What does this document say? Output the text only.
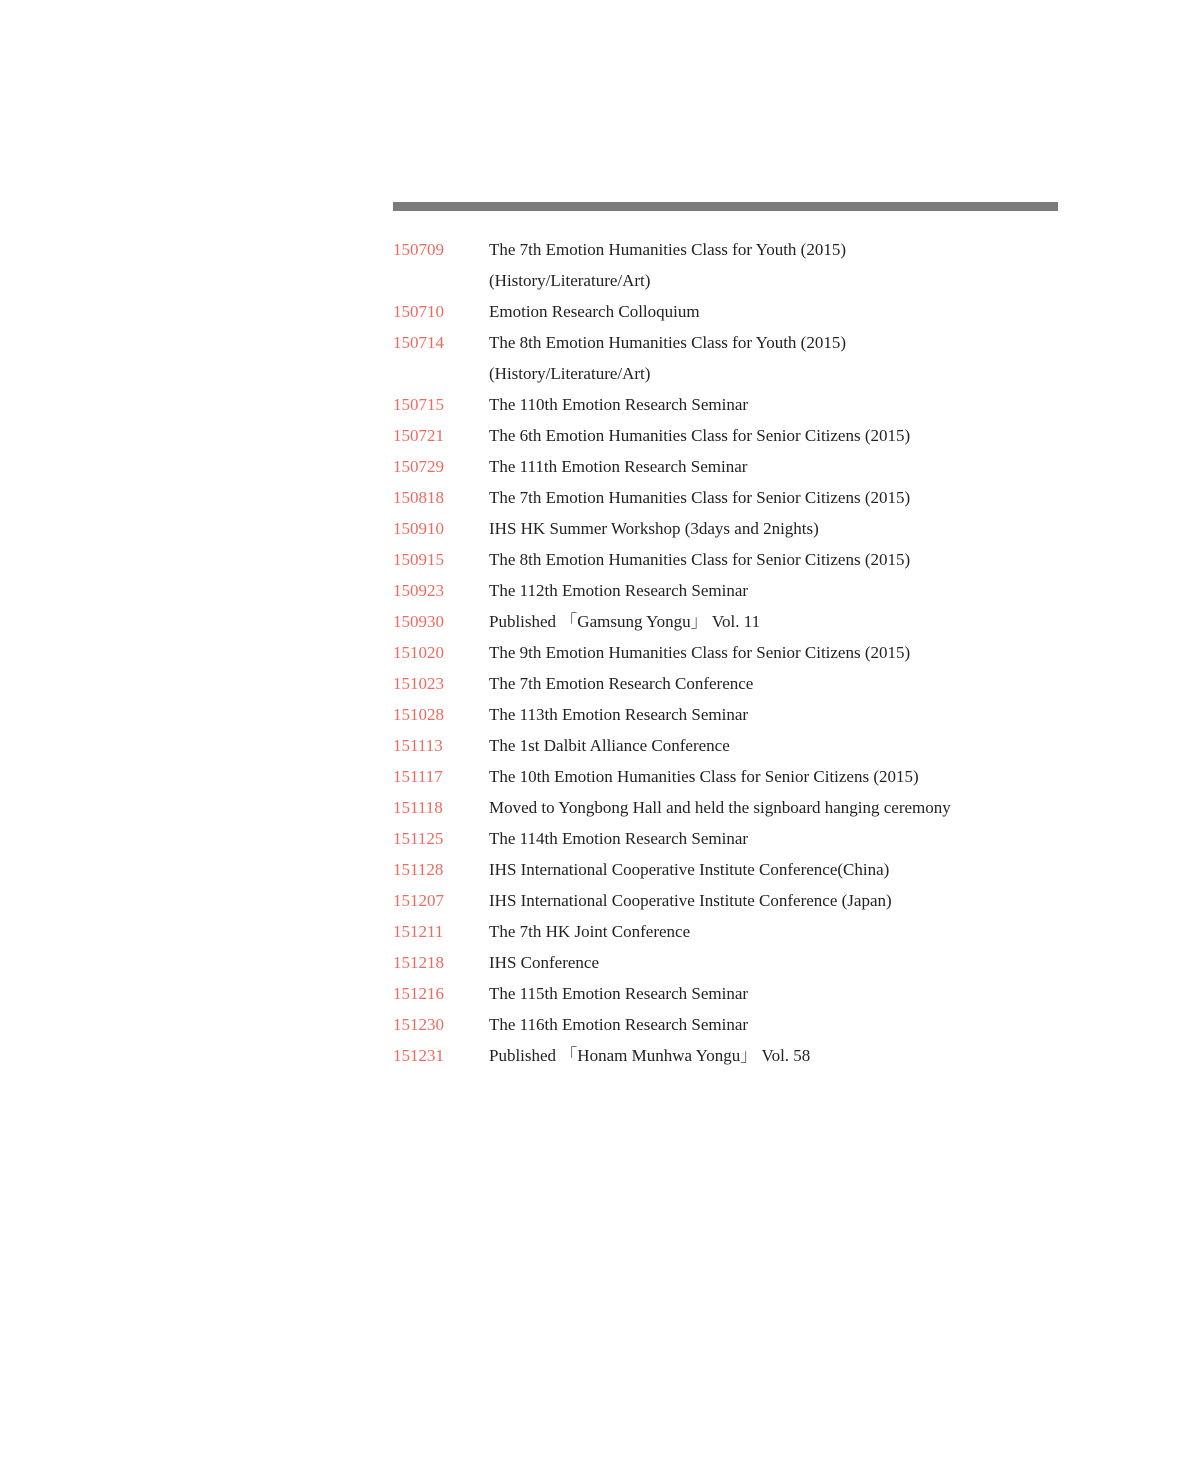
150709	The 7th Emotion Humanities Class for Youth (2015)
(History/Literature/Art)
150710	Emotion Research Colloquium
150714	The 8th Emotion Humanities Class for Youth (2015)
(History/Literature/Art)
150715	The 110th Emotion Research Seminar
150721	The 6th Emotion Humanities Class for Senior Citizens (2015)
150729	The 111th Emotion Research Seminar
150818	The 7th Emotion Humanities Class for Senior Citizens (2015)
150910	IHS HK Summer Workshop (3days and 2nights)
150915	The 8th Emotion Humanities Class for Senior Citizens (2015)
150923	The 112th Emotion Research Seminar
150930	Published 「Gamsung Yongu」 Vol. 11
151020	The 9th Emotion Humanities Class for Senior Citizens (2015)
151023	The 7th Emotion Research Conference
151028	The 113th Emotion Research Seminar
151113	The 1st Dalbit Alliance Conference
151117	The 10th Emotion Humanities Class for Senior Citizens (2015)
151118	Moved to Yongbong Hall and held the signboard hanging ceremony
151125	The 114th Emotion Research Seminar
151128	IHS International Cooperative Institute Conference(China)
151207	IHS International Cooperative Institute Conference (Japan)
151211	The 7th HK Joint Conference
151218	IHS Conference
151216	The 115th Emotion Research Seminar
151230	The 116th Emotion Research Seminar
151231	Published 「Honam Munhwa Yongu」 Vol. 58
